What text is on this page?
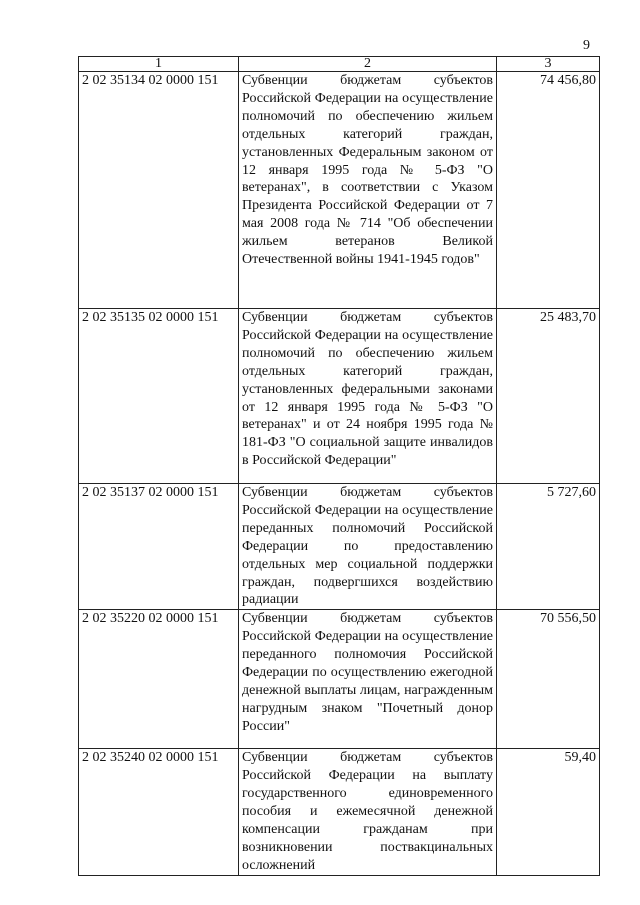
9
1	2	3
2 02 35134 02 0000 151	Субвенции бюджетам субъектов Российской Федерации на осуществление полномочий по обеспечению жильем отдельных категорий граждан, установленных Федеральным законом от 12 января 1995 года № 5-ФЗ "О ветеранах", в соответствии с Указом Президента Российской Федерации от 7 мая 2008 года № 714 "Об обеспечении жильем ветеранов Великой Отечественной войны 1941-1945 годов"	74 456,80
2 02 35135 02 0000 151	Субвенции бюджетам субъектов Российской Федерации на осуществление полномочий по обеспечению жильем отдельных категорий граждан, установленных федеральными законами от 12 января 1995 года № 5-ФЗ "О ветеранах" и от 24 ноября 1995 года № 181-ФЗ "О социальной защите инвалидов в Российской Федерации"	25 483,70
2 02 35137 02 0000 151	Субвенции бюджетам субъектов Российской Федерации на осуществление переданных полномочий Российской Федерации по предоставлению отдельных мер социальной поддержки граждан, подвергшихся воздействию радиации	5 727,60
2 02 35220 02 0000 151	Субвенции бюджетам субъектов Российской Федерации на осуществление переданного полномочия Российской Федерации по осуществлению ежегодной денежной выплаты лицам, награжденным нагрудным знаком "Почетный донор России"	70 556,50
2 02 35240 02 0000 151	Субвенции бюджетам субъектов Российской Федерации на выплату государственного единовременного пособия и ежемесячной денежной компенсации гражданам при возникновении поствакцинальных осложнений	59,40
